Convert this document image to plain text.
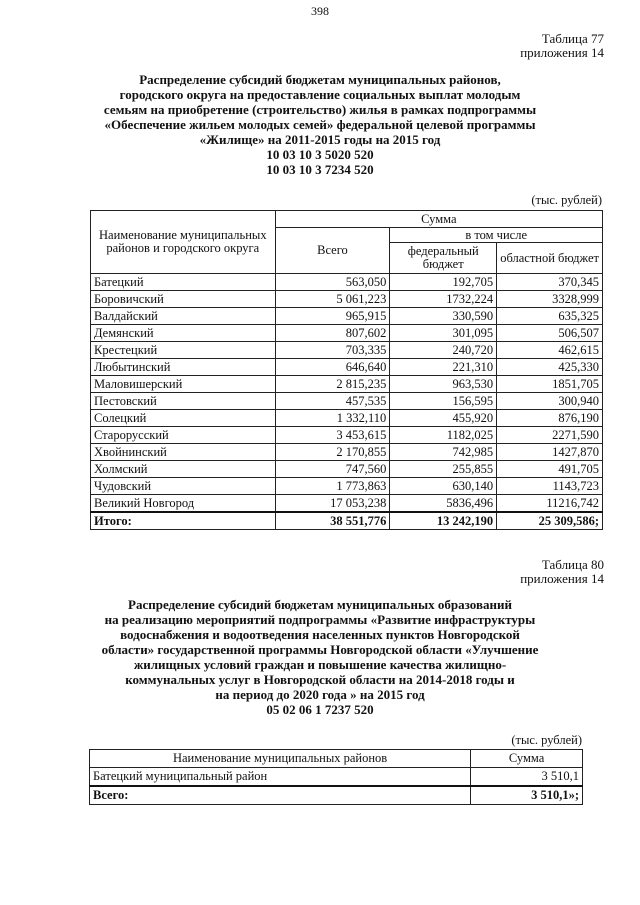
398
Таблица 77
приложения 14
Распределение субсидий бюджетам муниципальных районов,
городского округа на предоставление социальных выплат молодым
семьям на приобретение (строительство) жилья в рамках подпрограммы
«Обеспечение жильем молодых семей» федеральной целевой программы
«Жилище» на 2011-2015 годы на 2015 год
10 03 10 3 5020 520
10 03 10 3 7234 520
(тыс. рублей)
Наименование муниципальных районов и городского округа	Сумма		
	Всего	в том числе	
		федеральный бюджет	областной бюджет
Батецкий	563,050	192,705	370,345
Боровичский	5 061,223	1732,224	3328,999
Валдайский	965,915	330,590	635,325
Демянский	807,602	301,095	506,507
Крестецкий	703,335	240,720	462,615
Любытинский	646,640	221,310	425,330
Маловишерский	2 815,235	963,530	1851,705
Пестовский	457,535	156,595	300,940
Солецкий	1 332,110	455,920	876,190
Старорусский	3 453,615	1182,025	2271,590
Хвойнинский	2 170,855	742,985	1427,870
Холмский	747,560	255,855	491,705
Чудовский	1 773,863	630,140	1143,723
Великий Новгород	17 053,238	5836,496	11216,742
Итого:	38 551,776	13 242,190	25 309,586;
Таблица 80
приложения 14
Распределение субсидий бюджетам муниципальных образований
на реализацию мероприятий подпрограммы «Развитие инфраструктуры
водоснабжения и водоотведения населенных пунктов Новгородской
области» государственной программы Новгородской области «Улучшение
жилищных условий граждан и повышение качества жилищно-
коммунальных услуг в Новгородской области на 2014-2018 годы и
на период до 2020 года » на 2015 год
05 02 06 1 7237 520
(тыс. рублей)
Наименование муниципальных районов	Сумма
Батецкий муниципальный район	3 510,1
Всего:	3 510,1»;
